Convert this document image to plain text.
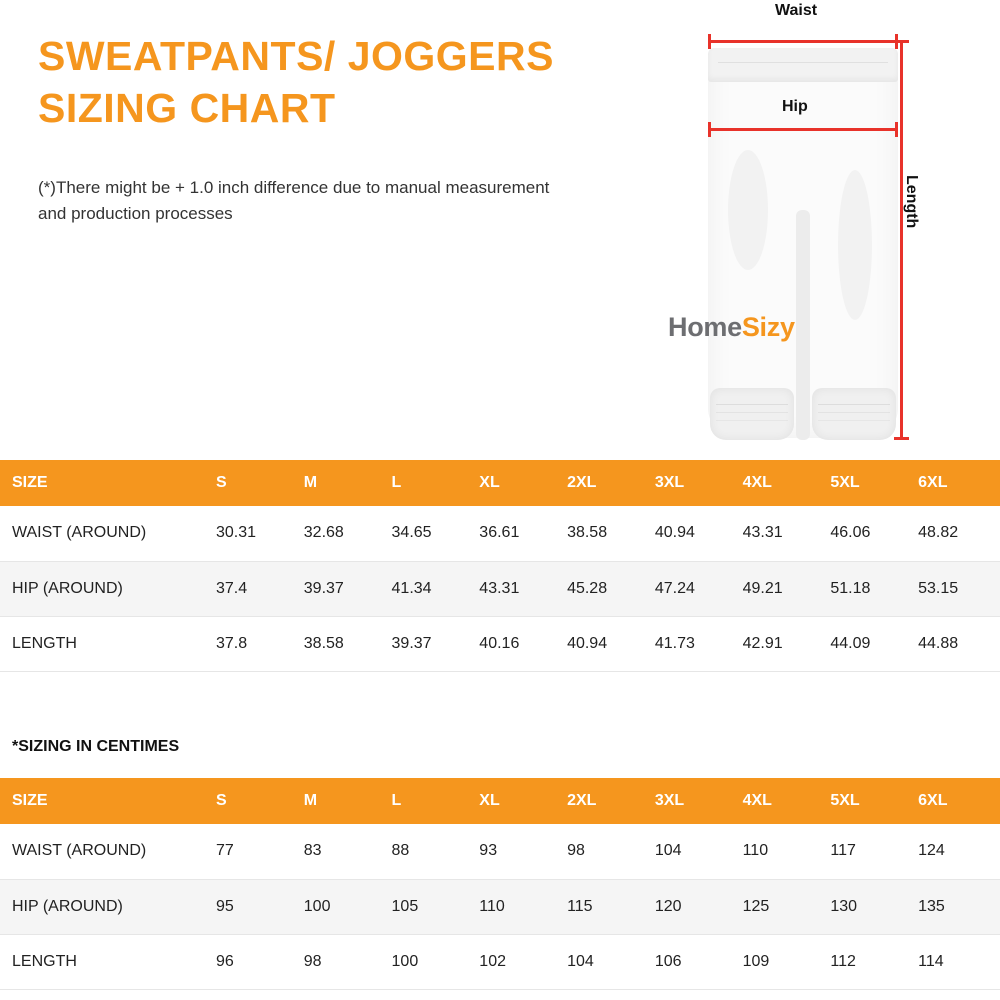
SWEATPANTS/ JOGGERS
SIZING CHART
(*)There might be + 1.0 inch difference due to manual measurement and production processes
Waist
Hip
Length
HomeSizy
SIZE	S	M	L	XL	2XL	3XL	4XL	5XL	6XL
WAIST (AROUND)	30.31	32.68	34.65	36.61	38.58	40.94	43.31	46.06	48.82
HIP (AROUND)	37.4	39.37	41.34	43.31	45.28	47.24	49.21	51.18	53.15
LENGTH	37.8	38.58	39.37	40.16	40.94	41.73	42.91	44.09	44.88
*SIZING IN CENTIMES
SIZE	S	M	L	XL	2XL	3XL	4XL	5XL	6XL
WAIST (AROUND)	77	83	88	93	98	104	110	117	124
HIP (AROUND)	95	100	105	110	115	120	125	130	135
LENGTH	96	98	100	102	104	106	109	112	114
